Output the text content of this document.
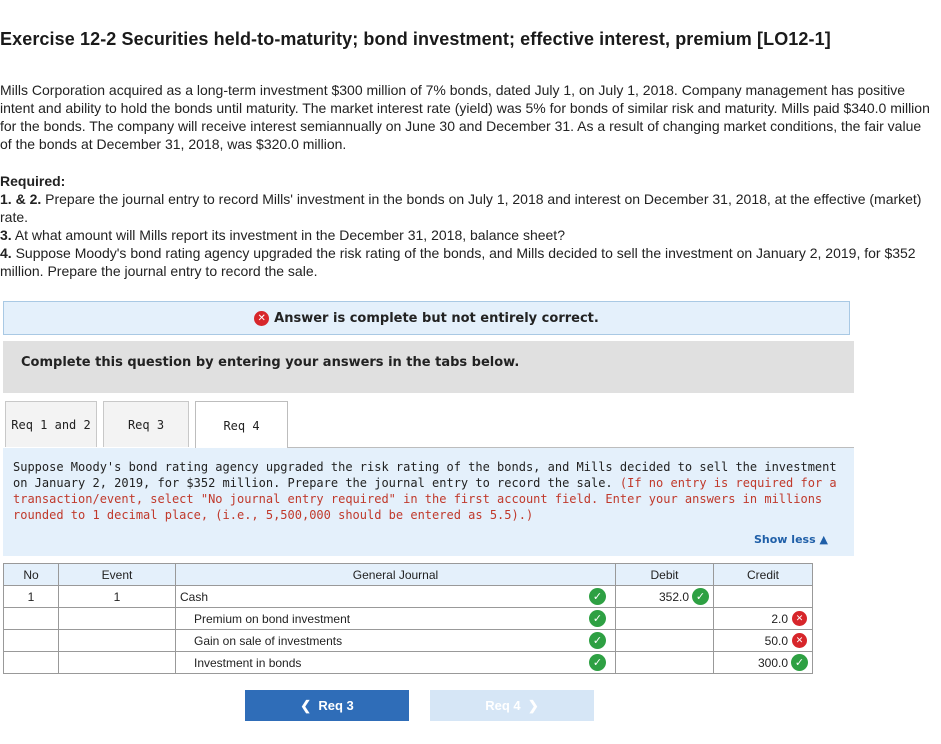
Exercise 12-2 Securities held-to-maturity; bond investment; effective interest, premium [LO12-1]
Mills Corporation acquired as a long-term investment $300 million of 7% bonds, dated July 1, on July 1, 2018. Company management has positive intent and ability to hold the bonds until maturity. The market interest rate (yield) was 5% for bonds of similar risk and maturity. Mills paid $340.0 million for the bonds. The company will receive interest semiannually on June 30 and December 31. As a result of changing market conditions, the fair value of the bonds at December 31, 2018, was $320.0 million.
Required:
1. & 2. Prepare the journal entry to record Mills' investment in the bonds on July 1, 2018 and interest on December 31, 2018, at the effective (market) rate.
3. At what amount will Mills report its investment in the December 31, 2018, balance sheet?
4. Suppose Moody's bond rating agency upgraded the risk rating of the bonds, and Mills decided to sell the investment on January 2, 2019, for $352 million. Prepare the journal entry to record the sale.
✕ Answer is complete but not entirely correct.
Complete this question by entering your answers in the tabs below.
Req 1 and 2	Req 3	Req 4

Suppose Moody's bond rating agency upgraded the risk rating of the bonds, and Mills decided to sell the investment on January 2, 2019, for $352 million. Prepare the journal entry to record the sale. (If no entry is required for a transaction/event, select "No journal entry required" in the first account field. Enter your answers in millions rounded to 1 decimal place, (i.e., 5,500,000 should be entered as 5.5).)

Show less ▲
No	Event	General Journal	Debit	Credit
1	1	Cash ✓	352.0 ✓	

		Premium on bond investment ✓		2.0 ✕

		Gain on sale of investments ✓		50.0 ✕

		Investment in bonds ✓		300.0 ✓
❮
Req 3	Req 4
❯
